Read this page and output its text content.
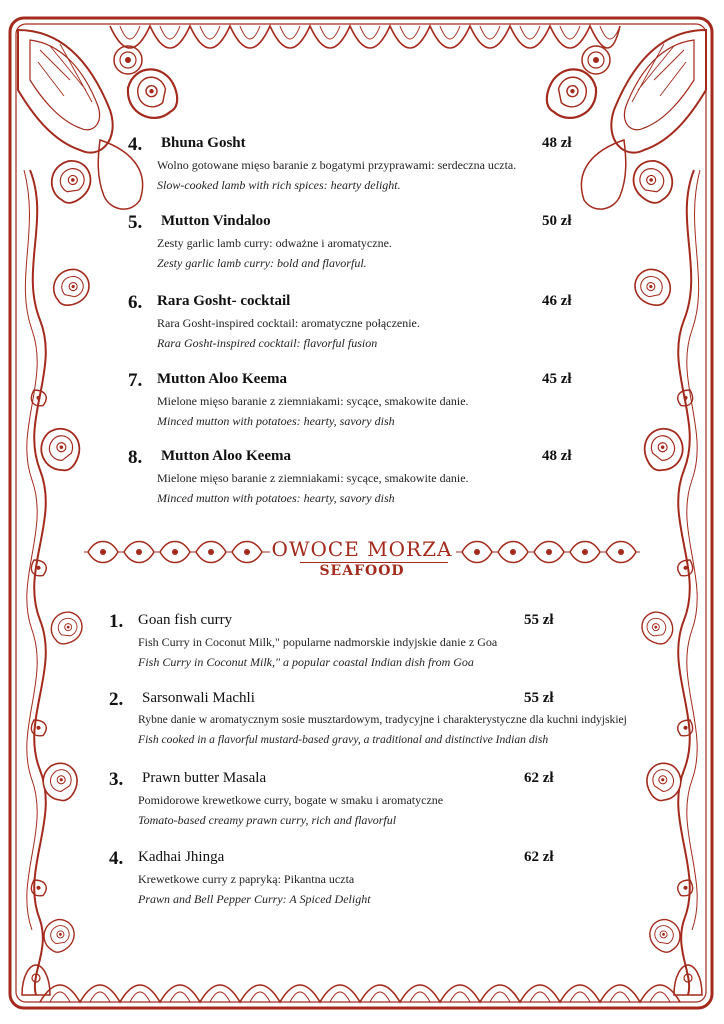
4. Bhuna Gosht	48 zł
Wolno gotowane mięso baranie z bogatymi przyprawami: serdeczna uczta.
Slow-cooked lamb with rich spices: hearty delight.
5. Mutton Vindaloo	50 zł
Zesty garlic lamb curry: odważne i aromatyczne.
Zesty garlic lamb curry: bold and flavorful.
6. Rara Gosht- cocktail	46 zł
Rara Gosht-inspired cocktail: aromatyczne połączenie.
Rara Gosht-inspired cocktail: flavorful fusion
7. Mutton Aloo Keema	45 zł
Mielone mięso baranie z ziemniakami: sycące, smakowite danie.
Minced mutton with potatoes: hearty, savory dish
8. Mutton Aloo Keema	48 zł
Mielone mięso baranie z ziemniakami: sycące, smakowite danie.
Minced mutton with potatoes: hearty, savory dish
OWOCE MORZA
SEAFOOD
1. Goan fish curry	55 zł
Fish Curry in Coconut Milk," popularne nadmorskie indyjskie danie z Goa
Fish Curry in Coconut Milk," a popular coastal Indian dish from Goa
2. Sarsonwali Machli	55 zł
Rybne danie w aromatycznym sosie musztardowym, tradycyjne i charakterystyczne dla kuchni indyjskiej
Fish cooked in a flavorful mustard-based gravy, a traditional and distinctive Indian dish
3. Prawn butter Masala	62 zł
Pomidorowe krewetkowe curry, bogate w smaku i aromatyczne
Tomato-based creamy prawn curry, rich and flavorful
4. Kadhai Jhinga	62 zł
Krewetkowe curry z papryką: Pikantna uczta
Prawn and Bell Pepper Curry: A Spiced Delight
